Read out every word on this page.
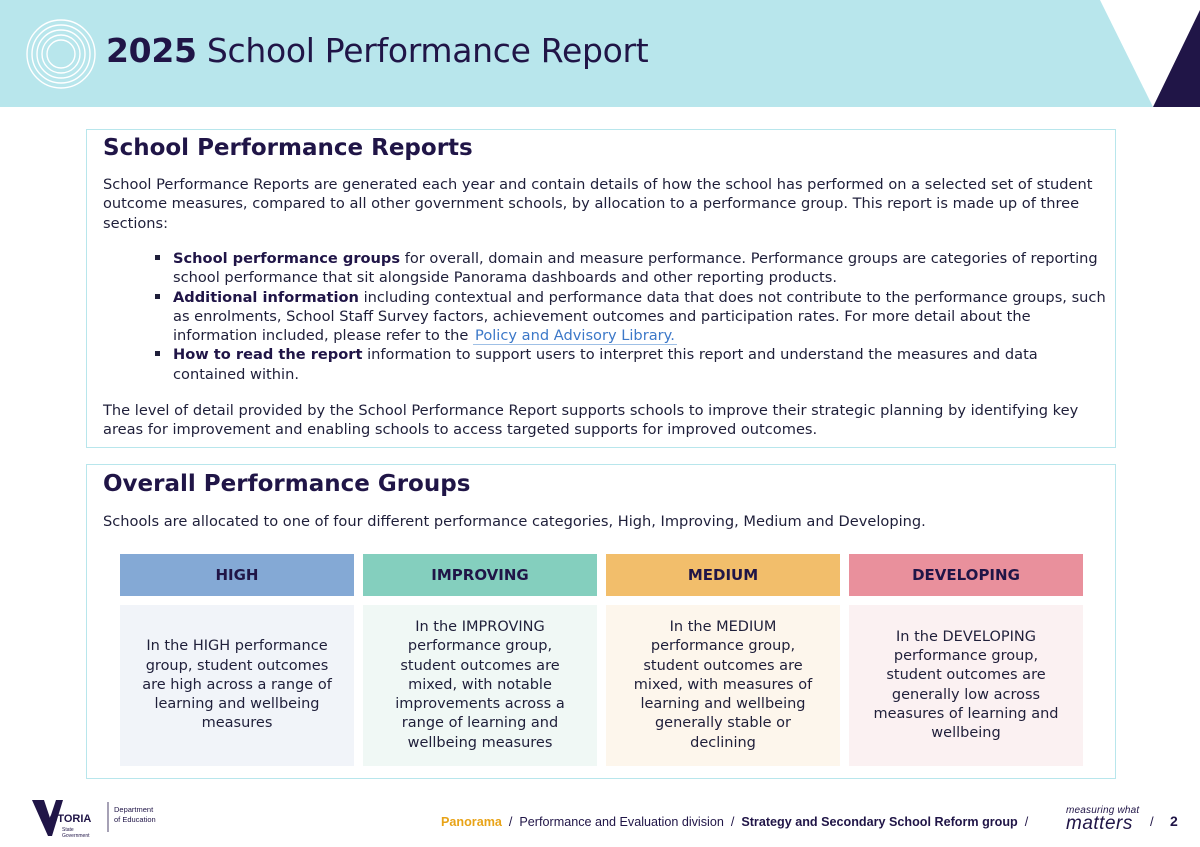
2025 School Performance Report
School Performance Reports
School Performance Reports are generated each year and contain details of how the school has performed on a selected set of student outcome measures, compared to all other government schools, by allocation to a performance group. This report is made up of three sections:
School performance groups for overall, domain and measure performance. Performance groups are categories of reporting school performance that sit alongside Panorama dashboards and other reporting products.
Additional information including contextual and performance data that does not contribute to the performance groups, such as enrolments, School Staff Survey factors, achievement outcomes and participation rates. For more detail about the information included, please refer to the Policy and Advisory Library.
How to read the report information to support users to interpret this report and understand the measures and data contained within.
The level of detail provided by the School Performance Report supports schools to improve their strategic planning by identifying key areas for improvement and enabling schools to access targeted supports for improved outcomes.
Overall Performance Groups
Schools are allocated to one of four different performance categories, High, Improving, Medium and Developing.
HIGH
In the HIGH performance group, student outcomes are high across a range of learning and wellbeing measures
IMPROVING
In the IMPROVING performance group, student outcomes are mixed, with notable improvements across a range of learning and wellbeing measures
MEDIUM
In the MEDIUM performance group, student outcomes are mixed, with measures of learning and wellbeing generally stable or declining
DEVELOPING
In the DEVELOPING performance group, student outcomes are generally low across measures of learning and wellbeing
VICTORIA
State
Government
Department
of Education	Panorama / Performance and Evaluation division / Strategy and Secondary School Reform group /
measuring what
matters	/ 2
